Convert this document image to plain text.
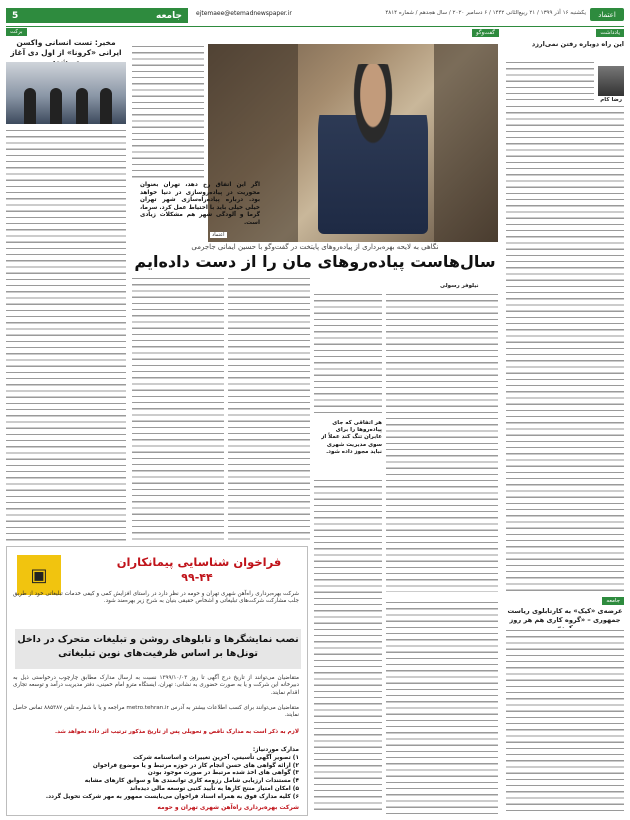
اعتماد
یکشنبه ۱۶ آذر ۱۳۹۹ / ۲۱ ربیع‌الثانی ۱۴۴۲ / ۶ دسامبر ۲۰۲۰ / سال هجدهم / شماره ۴۸۱۴
ejtemaee@etemadnewspaper.ir
جامعه
5
یادداشت
این راه دوباره رفتن نمی‌ارزد
رضا کام
جامعه
عرضه‌ی «کیک» به کارتابلوی ریاست جمهوری – «گروه کاری هم هر روز
گفت‌وگو
اعتماد
اگر این اتفاق رخ دهد، تهران بعنوان محوریت در پیاده‌روسازی در دنیا خواهد بود. درباره پیاده‌راه‌سازی شهر تهران خیلی خیلی باید با احتیاط عمل کرد. سرما، گرما و آلودگی شهر هم مشکلات زیادی است.
نگاهی به لایحه بهره‌برداری از پیاده‌روهای پایتخت در گفت‌وگو با حسین ایمانی جاجرمی
سال‌هاست پیاده‌روهای مان را از دست داده‌ایم
نیلوفر رسولی
هر اتفاقی که جای پیاده‌روها را برای عابران تنگ کند عملاً از سوی مدیریت شهری نباید مجوز داده شود.
برکت
مخبر: تست انسانی واکسن ایرانی «کرونا» از اول دی آغاز
▣
فراخوان شناسایی پیمانکاران
۹۹-۴۴
شرکت بهره‌برداری راه‌آهن شهری تهران و حومه در نظر دارد در راستای افزایش کمی و کیفی خدمات تبلیغاتی خود از طریق جلب مشارکت شرکت‌های تبلیغاتی و اشخاص حقیقی بنیان به شرح زیر بهره‌مند شود.
نصب نمایشگرها و تابلوهای روشن و تبلیغات متحرک در داخل تونل‌ها بر اساس ظرفیت‌های نوین تبلیغاتی
متقاضیان می‌توانند از تاریخ درج آگهی تا روز ۱۳۹۹/۱۰/۰۳ نسبت به ارسال مدارک مطابق چارچوب درخواستی ذیل به دبیرخانه این شرکت و یا به صورت حضوری به نشانی: تهران، ایستگاه مترو امام خمینی، دفتر مدیریت درآمد و توسعه تجاری اقدام نمایند.
متقاضیان می‌توانند برای کسب اطلاعات بیشتر به آدرس metro.tehran.ir مراجعه و یا با شماره تلفن ۸۸۵۳۸۷ تماس حاصل نمایند.
لازم به ذکر است به مدارک ناقص و تحویلی پس از تاریخ مذکور ترتیب اثر داده نخواهد شد.
مدارک موردنیاز:
۱) تصویر آگهی تأسیس، آخرین تغییرات و اساسنامه شرکت
۲) ارائه گواهی های حسن انجام کار در حوزه مرتبط و یا موضوع فراخوان
۳) گواهی های اخذ شده مرتبط در صورت موجود بودن
۴) مستندات ارزیابی شامل رزومه کاری توانمندی ها و سوابق کارهای مشابه
۵) امکان امتیاز منتج کارها به تأیید کتبی توسعه مالی دیده‌اند
۶) کلیه مدارک فوق به همراه اسناد فراخوان می‌بایست ممهور به مهر شرکت تحویل گردد.
شرکت بهره‌برداری راه‌آهن شهری تهران و حومه
